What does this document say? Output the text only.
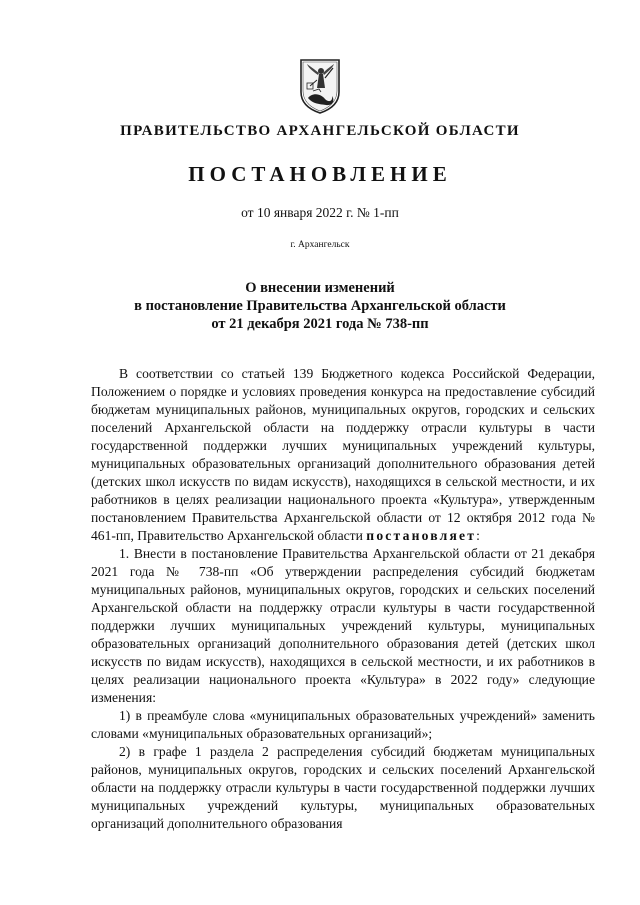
ПРАВИТЕЛЬСТВО АРХАНГЕЛЬСКОЙ ОБЛАСТИ
ПОСТАНОВЛЕНИЕ
от 10 января 2022 г. № 1-пп
г. Архангельск
О внесении изменений
в постановление Правительства Архангельской области
от 21 декабря 2021 года № 738-пп

В соответствии со статьей 139 Бюджетного кодекса Российской Федерации, Положением о порядке и условиях проведения конкурса на предоставление субсидий бюджетам муниципальных районов, муниципальных округов, городских и сельских поселений Архангельской области на поддержку отрасли культуры в части государственной поддержки лучших муниципальных учреждений культуры, муниципальных образовательных организаций дополнительного образования детей (детских школ искусств по видам искусств), находящихся в сельской местности, и их работников в целях реализации национального проекта «Культура», утвержденным постановлением Правительства Архангельской области от 12 октября 2012 года № 461-пп, Правительство Архангельской области постановляет:

1. Внести в постановление Правительства Архангельской области от 21 декабря 2021 года № 738-пп «Об утверждении распределения субсидий бюджетам муниципальных районов, муниципальных округов, городских и сельских поселений Архангельской области на поддержку отрасли культуры в части государственной поддержки лучших муниципальных учреждений культуры, муниципальных образовательных организаций дополнительного образования детей (детских школ искусств по видам искусств), находящихся в сельской местности, и их работников в целях реализации национального проекта «Культура» в 2022 году» следующие изменения:

1) в преамбуле слова «муниципальных образовательных учреждений» заменить словами «муниципальных образовательных организаций»;

2) в графе 1 раздела 2 распределения субсидий бюджетам муниципальных районов, муниципальных округов, городских и сельских поселений Архангельской области на поддержку отрасли культуры в части государственной поддержки лучших муниципальных учреждений культуры, муниципальных образовательных организаций дополнительного образования
